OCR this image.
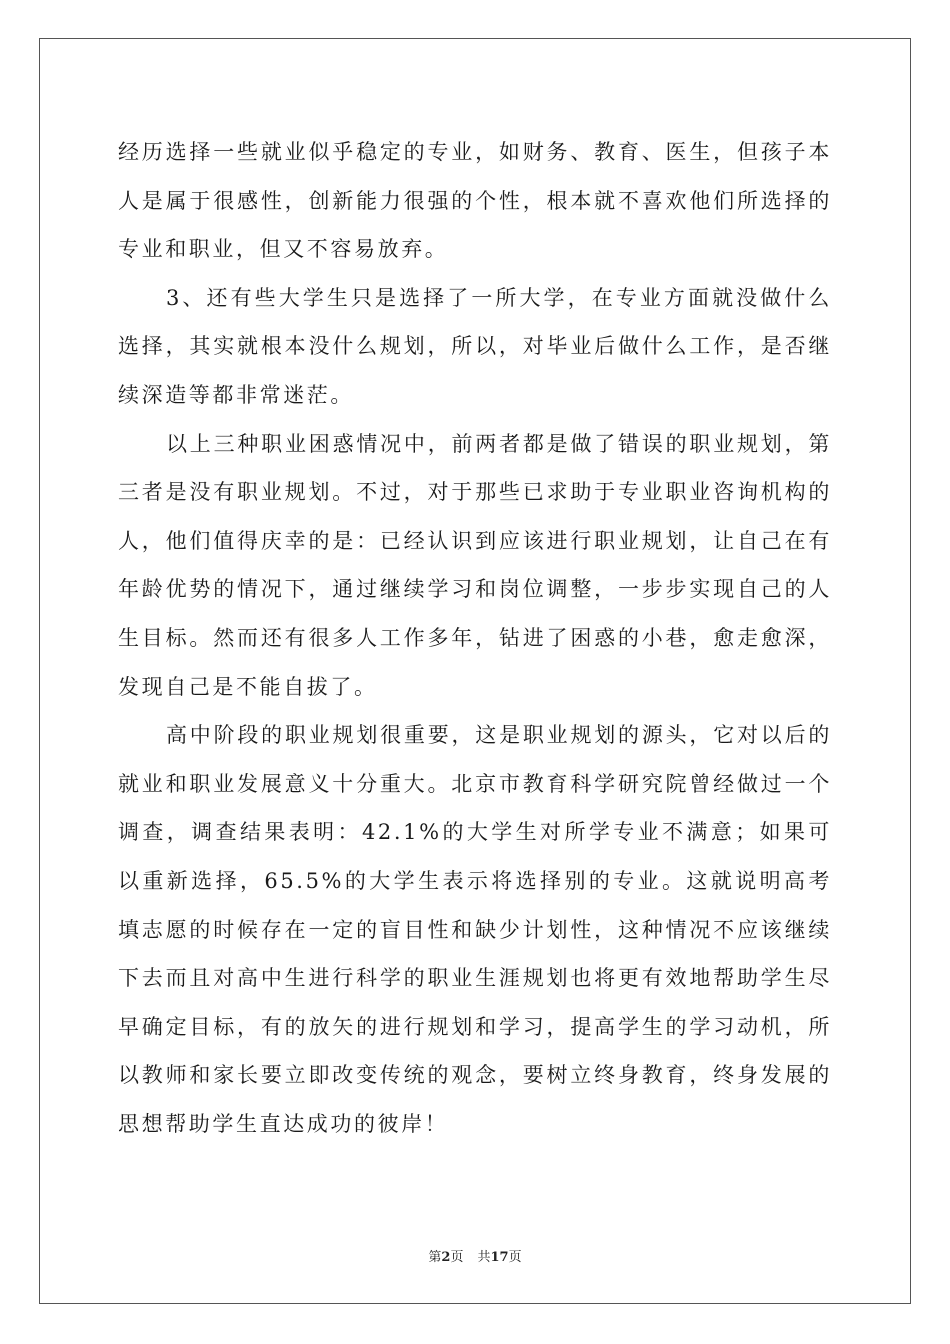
经历选择一些就业似乎稳定的专业，如财务、教育、医生，但孩子本人是属于很感性，创新能力很强的个性，根本就不喜欢他们所选择的专业和职业，但又不容易放弃。

3、还有些大学生只是选择了一所大学，在专业方面就没做什么选择，其实就根本没什么规划，所以，对毕业后做什么工作，是否继续深造等都非常迷茫。

以上三种职业困惑情况中，前两者都是做了错误的职业规划，第三者是没有职业规划。不过，对于那些已求助于专业职业咨询机构的人，他们值得庆幸的是：已经认识到应该进行职业规划，让自己在有年龄优势的情况下，通过继续学习和岗位调整，一步步实现自己的人生目标。然而还有很多人工作多年，钻进了困惑的小巷，愈走愈深，发现自己是不能自拔了。

高中阶段的职业规划很重要，这是职业规划的源头，它对以后的就业和职业发展意义十分重大。北京市教育科学研究院曾经做过一个调查，调查结果表明：42.1%的大学生对所学专业不满意；如果可以重新选择，65.5%的大学生表示将选择别的专业。这就说明高考填志愿的时候存在一定的盲目性和缺少计划性，这种情况不应该继续下去而且对高中生进行科学的职业生涯规划也将更有效地帮助学生尽早确定目标，有的放矢的进行规划和学习，提高学生的学习动机，所以教师和家长要立即改变传统的观念，要树立终身教育，终身发展的思想帮助学生直达成功的彼岸！

第2页 共17页
